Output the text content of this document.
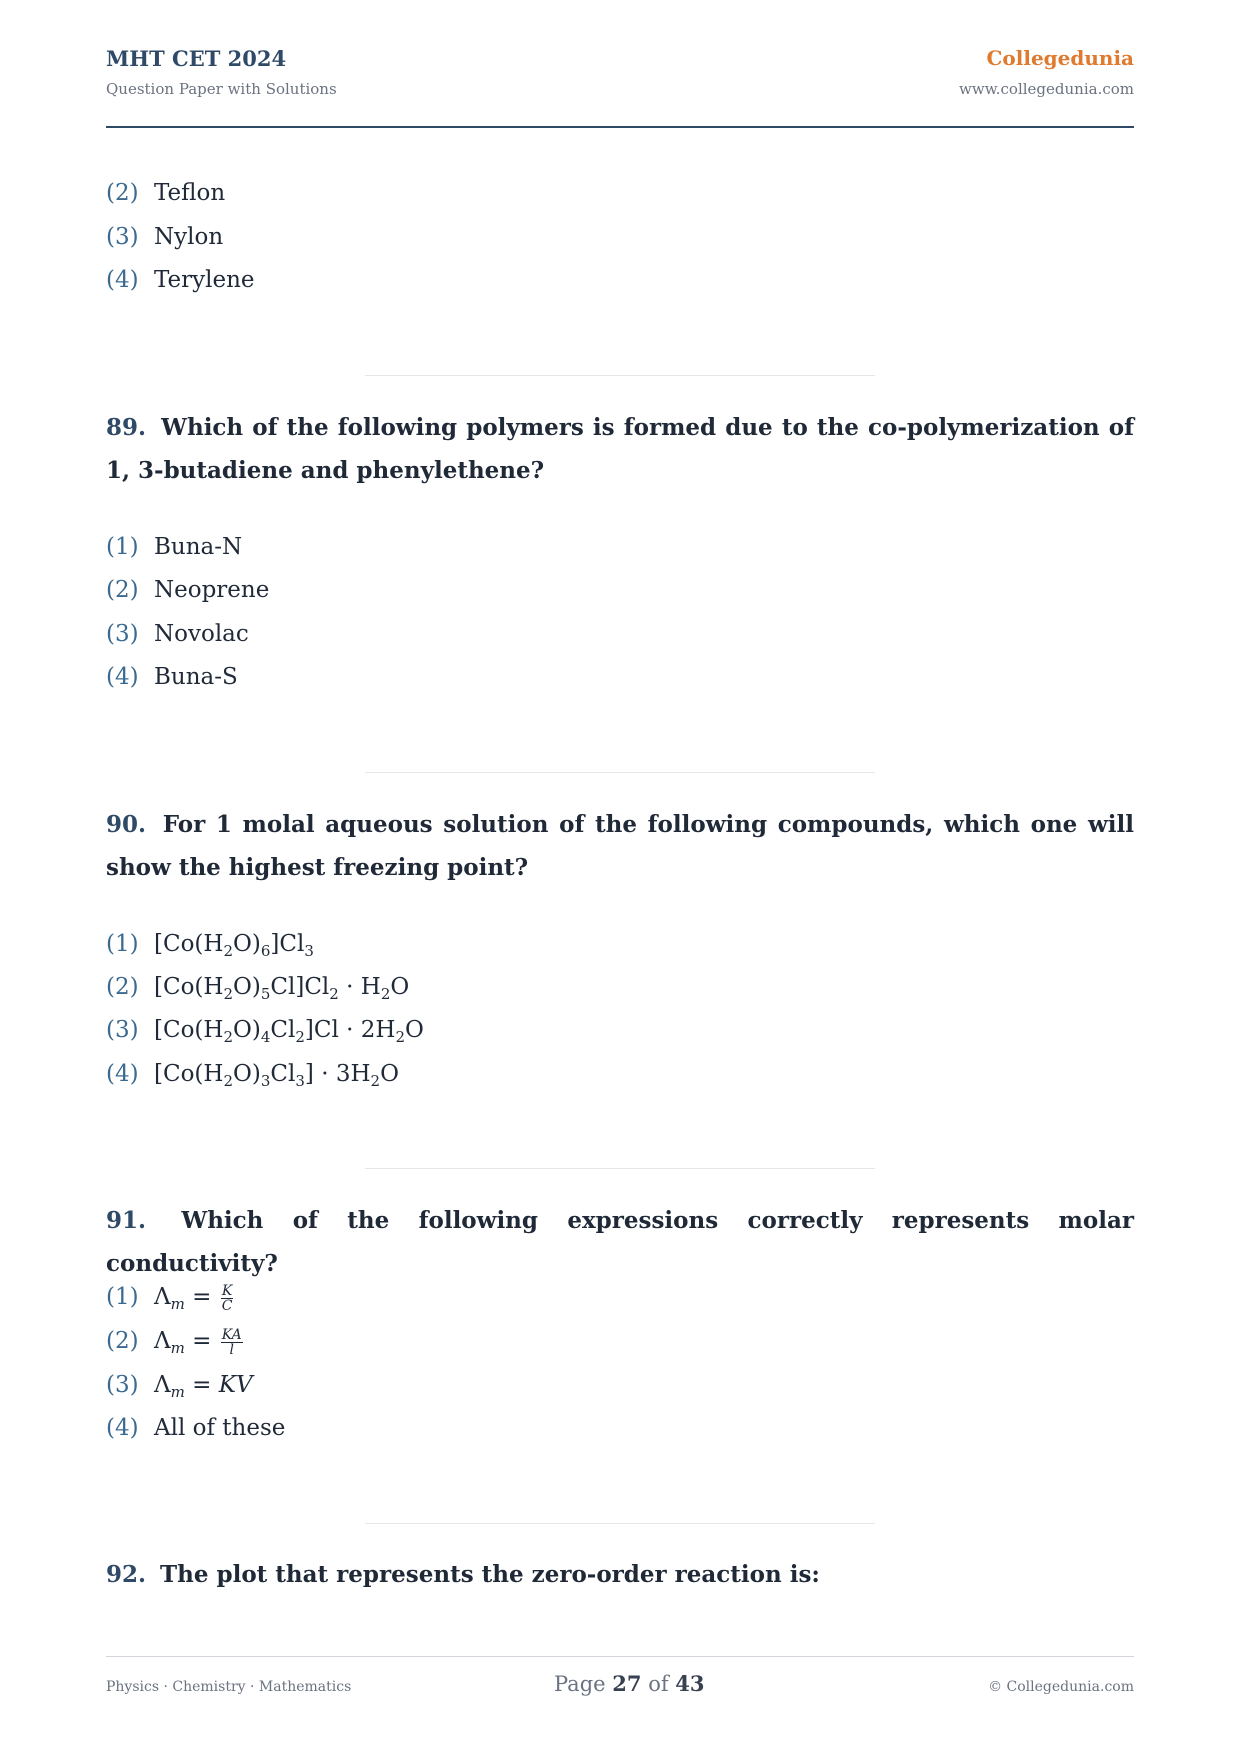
MHT CET 2024
Question Paper with Solutions
Collegedunia
www.collegedunia.com
(2) Teflon
(3) Nylon
(4) Terylene
89. Which of the following polymers is formed due to the co-polymerization of 1, 3-butadiene and phenylethene?
(1) Buna-N
(2) Neoprene
(3) Novolac
(4) Buna-S
90. For 1 molal aqueous solution of the following compounds, which one will show the highest freezing point?
(1) $[Co(H_2O)_6]Cl_3$
(2) $[Co(H_2O)_5Cl]Cl_2 \cdot H_2O$
(3) $[Co(H_2O)_4Cl_2]Cl \cdot 2H_2O$
(4) $[Co(H_2O)_3Cl_3] \cdot 3H_2O$
91. Which of the following expressions correctly represents molar conductivity?
(1) $\Lambda_m = \frac{K}{C}$
(2) $\Lambda_m = \frac{KA}{l}$
(3) $\Lambda_m$ = KV
(4) All of these
92. The plot that represents the zero-order reaction is:
Physics · Chemistry · Mathematics	Page 27 of 43	© Collegedunia.com
